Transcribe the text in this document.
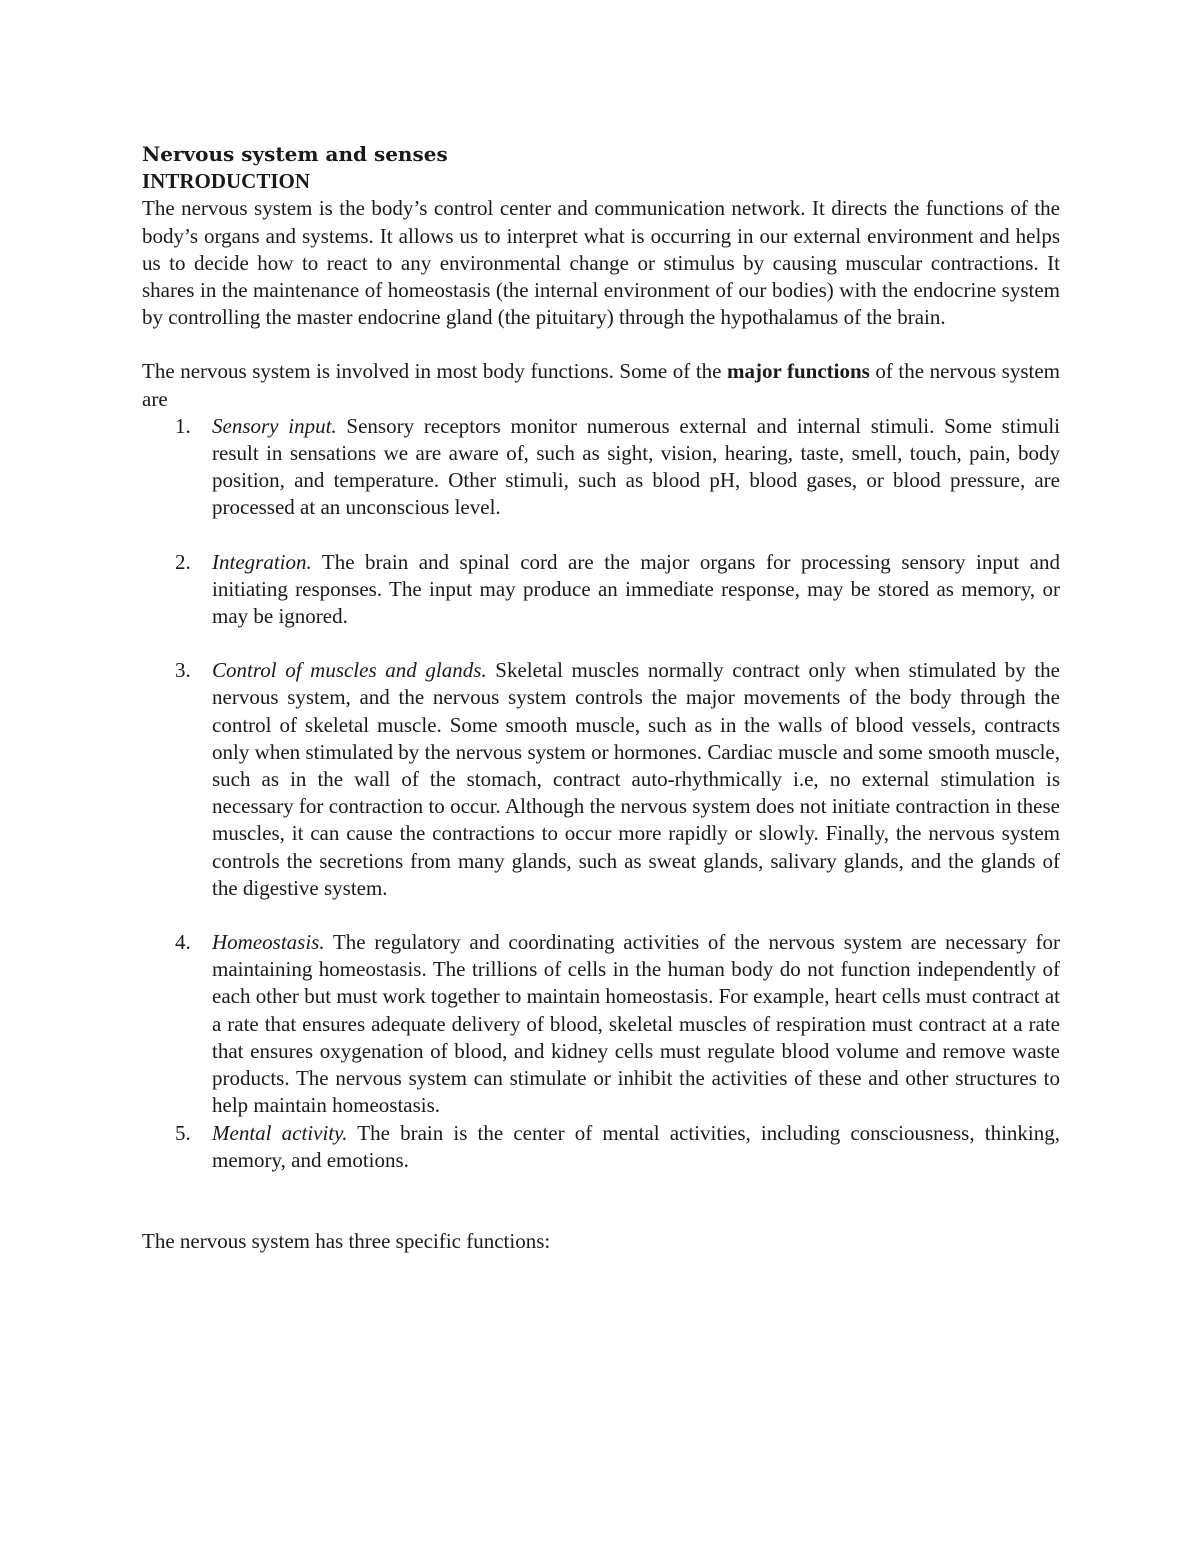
Nervous system and senses
INTRODUCTION

The nervous system is the body’s control center and communication network. It directs the functions of the body’s organs and systems. It allows us to interpret what is occurring in our external environment and helps us to decide how to react to any environmental change or stimulus by causing muscular contractions. It shares in the maintenance of homeostasis (the internal environment of our bodies) with the endocrine system by controlling the master endocrine gland (the pituitary) through the hypothalamus of the brain.

The nervous system is involved in most body functions. Some of the major functions of the nervous system are

1. Sensory input. Sensory receptors monitor numerous external and internal stimuli. Some stimuli result in sensations we are aware of, such as sight, vision, hearing, taste, smell, touch, pain, body position, and temperature. Other stimuli, such as blood pH, blood gases, or blood pressure, are processed at an unconscious level.
2. Integration. The brain and spinal cord are the major organs for processing sensory input and initiating responses. The input may produce an immediate response, may be stored as memory, or may be ignored.
3. Control of muscles and glands. Skeletal muscles normally contract only when stimulated by the nervous system, and the nervous system controls the major movements of the body through the control of skeletal muscle. Some smooth muscle, such as in the walls of blood vessels, contracts only when stimulated by the nervous system or hormones. Cardiac muscle and some smooth muscle, such as in the wall of the stomach, contract auto-rhythmically i.e, no external stimulation is necessary for contraction to occur. Although the nervous system does not initiate contraction in these muscles, it can cause the contractions to occur more rapidly or slowly. Finally, the nervous system controls the secretions from many glands, such as sweat glands, salivary glands, and the glands of the digestive system.
4. Homeostasis. The regulatory and coordinating activities of the nervous system are necessary for maintaining homeostasis. The trillions of cells in the human body do not function independently of each other but must work together to maintain homeostasis. For example, heart cells must contract at a rate that ensures adequate delivery of blood, skeletal muscles of respiration must contract at a rate that ensures oxygenation of blood, and kidney cells must regulate blood volume and remove waste products. The nervous system can stimulate or inhibit the activities of these and other structures to help maintain homeostasis.
5. Mental activity. The brain is the center of mental activities, including consciousness, thinking, memory, and emotions.

The nervous system has three specific functions:
